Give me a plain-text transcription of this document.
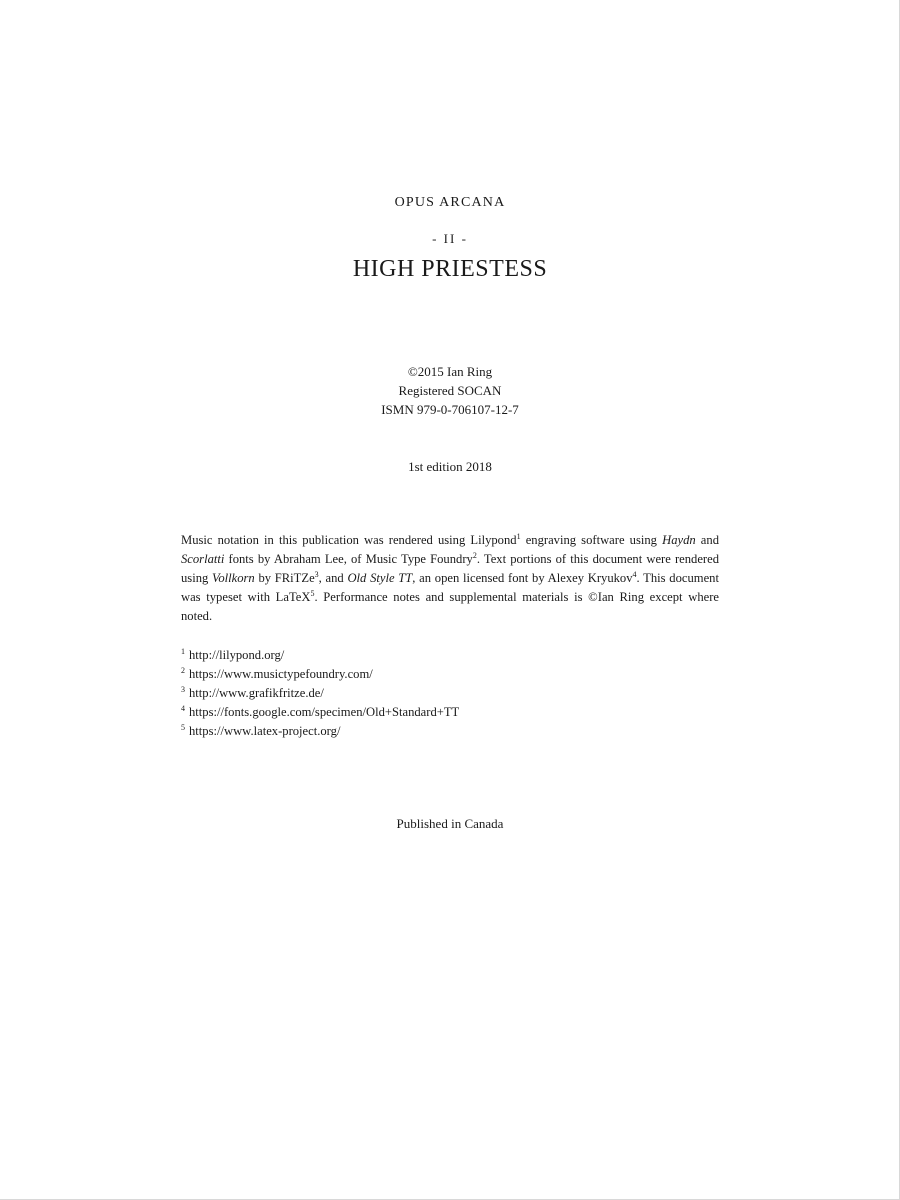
OPUS ARCANA
- II -
HIGH PRIESTESS
©2015 Ian Ring
Registered SOCAN
ISMN 979-0-706107-12-7
1st edition 2018

Music notation in this publication was rendered using Lilypond$^1$ engraving software using Haydn and Scorlatti fonts by Abraham Lee, of Music Type Foundry$^2$. Text portions of this document were rendered using Vollkorn by FRiTZe$^3$, and Old Style TT, an open licensed font by Alexey Kryukov$^4$. This document was typeset with LaTeX$^5$. Performance notes and supplemental materials is ©Ian Ring except where noted.

$^1$ http://lilypond.org/
$^2$ https://www.musictypefoundry.com/
$^3$ http://www.grafikfritze.de/
$^4$ https://fonts.google.com/specimen/Old+Standard+TT
$^5$ https://www.latex-project.org/
Published in Canada
